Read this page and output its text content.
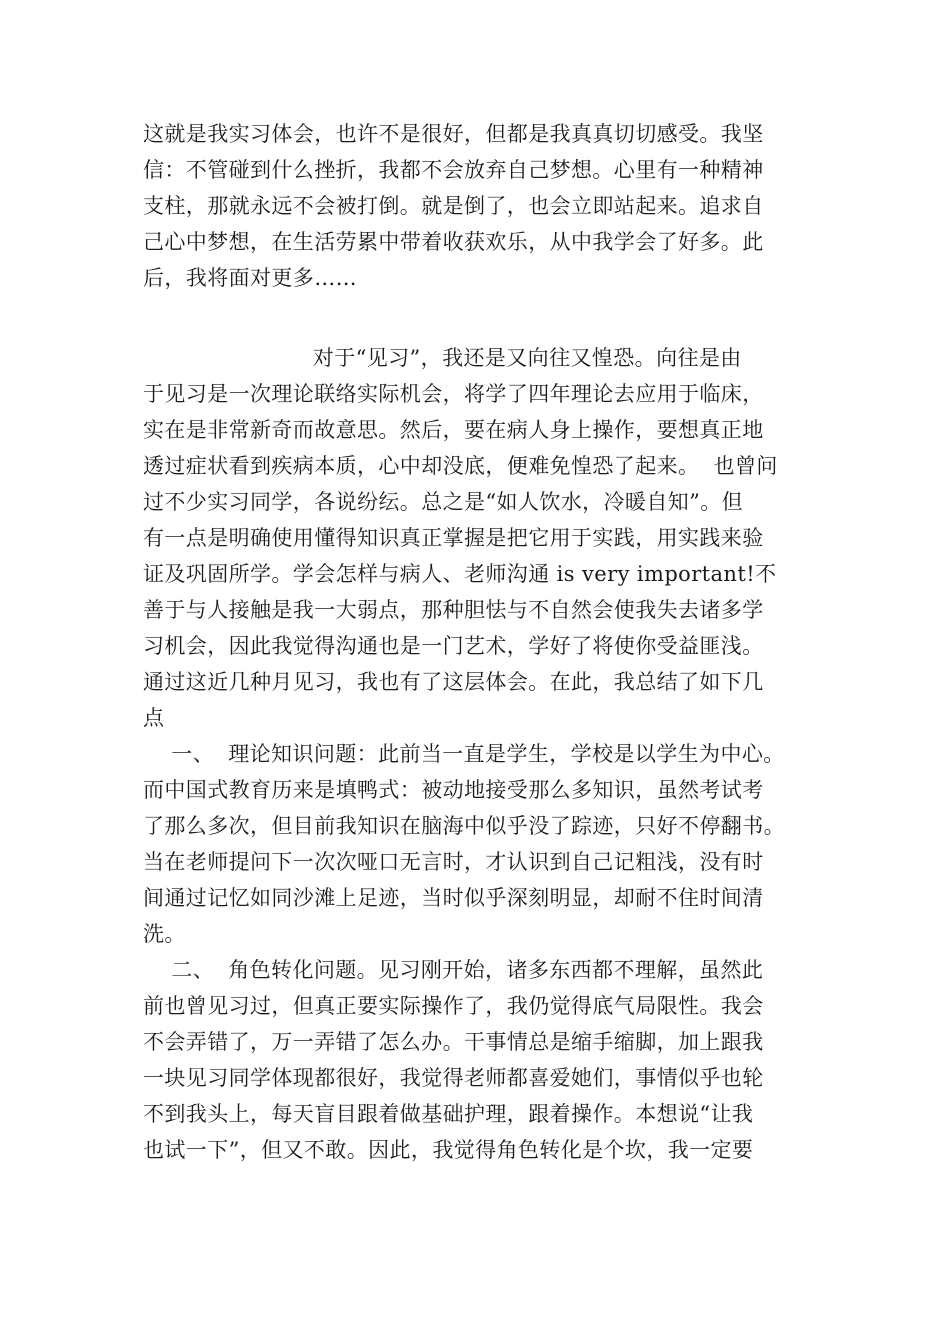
这就是我实习体会，也许不是很好，但都是我真真切切感受。我坚
信：不管碰到什么挫折，我都不会放弃自己梦想。心里有一种精神
支柱，那就永远不会被打倒。就是倒了，也会立即站起来。追求自
己心中梦想，在生活劳累中带着收获欢乐，从中我学会了好多。此
后，我将面对更多……
对于“见习”，我还是又向往又惶恐。向往是由
于见习是一次理论联络实际机会，将学了四年理论去应用于临床，
实在是非常新奇而故意思。然后，要在病人身上操作，要想真正地
透过症状看到疾病本质，心中却没底，便难免惶恐了起来。  也曾问
过不少实习同学，各说纷纭。总之是“如人饮水，冷暖自知”。但
有一点是明确使用懂得知识真正掌握是把它用于实践，用实践来验
证及巩固所学。学会怎样与病人、老师沟通 is very important!不
善于与人接触是我一大弱点，那种胆怯与不自然会使我失去诸多学
习机会，因此我觉得沟通也是一门艺术，学好了将使你受益匪浅。
通过这近几种月见习，我也有了这层体会。在此，我总结了如下几
点
一、  理论知识问题：此前当一直是学生，学校是以学生为中心。
而中国式教育历来是填鸭式：被动地接受那么多知识，虽然考试考
了那么多次，但目前我知识在脑海中似乎没了踪迹，只好不停翻书。
当在老师提问下一次次哑口无言时，才认识到自己记粗浅，没有时
间通过记忆如同沙滩上足迹，当时似乎深刻明显，却耐不住时间清
洗。
二、  角色转化问题。见习刚开始，诸多东西都不理解，虽然此
前也曾见习过，但真正要实际操作了，我仍觉得底气局限性。我会
不会弄错了，万一弄错了怎么办。干事情总是缩手缩脚，加上跟我
一块见习同学体现都很好，我觉得老师都喜爱她们，事情似乎也轮
不到我头上，每天盲目跟着做基础护理，跟着操作。本想说“让我
也试一下”，但又不敢。因此，我觉得角色转化是个坎，我一定要
